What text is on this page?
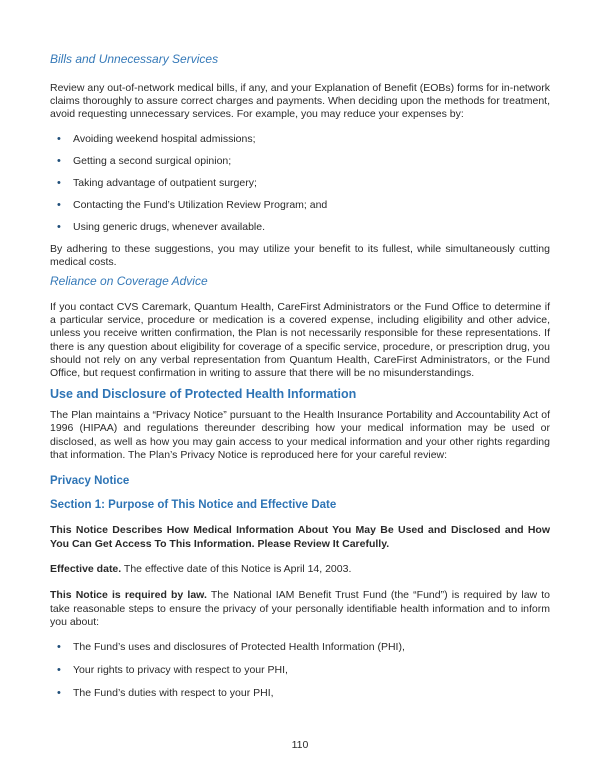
Bills and Unnecessary Services

Review any out-of-network medical bills, if any, and your Explanation of Benefit (EOBs) forms for in-network claims thoroughly to assure correct charges and payments. When deciding upon the methods for treatment, avoid requesting unnecessary services. For example, you may reduce your expenses by:

•
Avoiding weekend hospital admissions;
•
Getting a second surgical opinion;
•
Taking advantage of outpatient surgery;
•
Contacting the Fund’s Utilization Review Program; and
•
Using generic drugs, whenever available.

By adhering to these suggestions, you may utilize your benefit to its fullest, while simultaneously cutting medical costs.

Reliance on Coverage Advice

If you contact CVS Caremark, Quantum Health, CareFirst Administrators or the Fund Office to determine if a particular service, procedure or medication is a covered expense, including eligibility and other advice, unless you receive written confirmation, the Plan is not necessarily responsible for these representations. If there is any question about eligibility for coverage of a specific service, procedure, or prescription drug, you should not rely on any verbal representation from Quantum Health, CareFirst Administrators, or the Fund Office, but request confirmation in writing to assure that there will be no misunderstandings.

Use and Disclosure of Protected Health Information

The Plan maintains a “Privacy Notice” pursuant to the Health Insurance Portability and Accountability Act of 1996 (HIPAA) and regulations thereunder describing how your medical information may be used or disclosed, as well as how you may gain access to your medical information and your other rights regarding that information. The Plan’s Privacy Notice is reproduced here for your careful review:

Privacy Notice
Section 1: Purpose of This Notice and Effective Date

This Notice Describes How Medical Information About You May Be Used and Disclosed and How You Can Get Access To This Information. Please Review It Carefully.

Effective date. The effective date of this Notice is April 14, 2003.

This Notice is required by law. The National IAM Benefit Trust Fund (the “Fund”) is required by law to take reasonable steps to ensure the privacy of your personally identifiable health information and to inform you about:

•
The Fund’s uses and disclosures of Protected Health Information (PHI),
•
Your rights to privacy with respect to your PHI,
•
The Fund’s duties with respect to your PHI,
110
